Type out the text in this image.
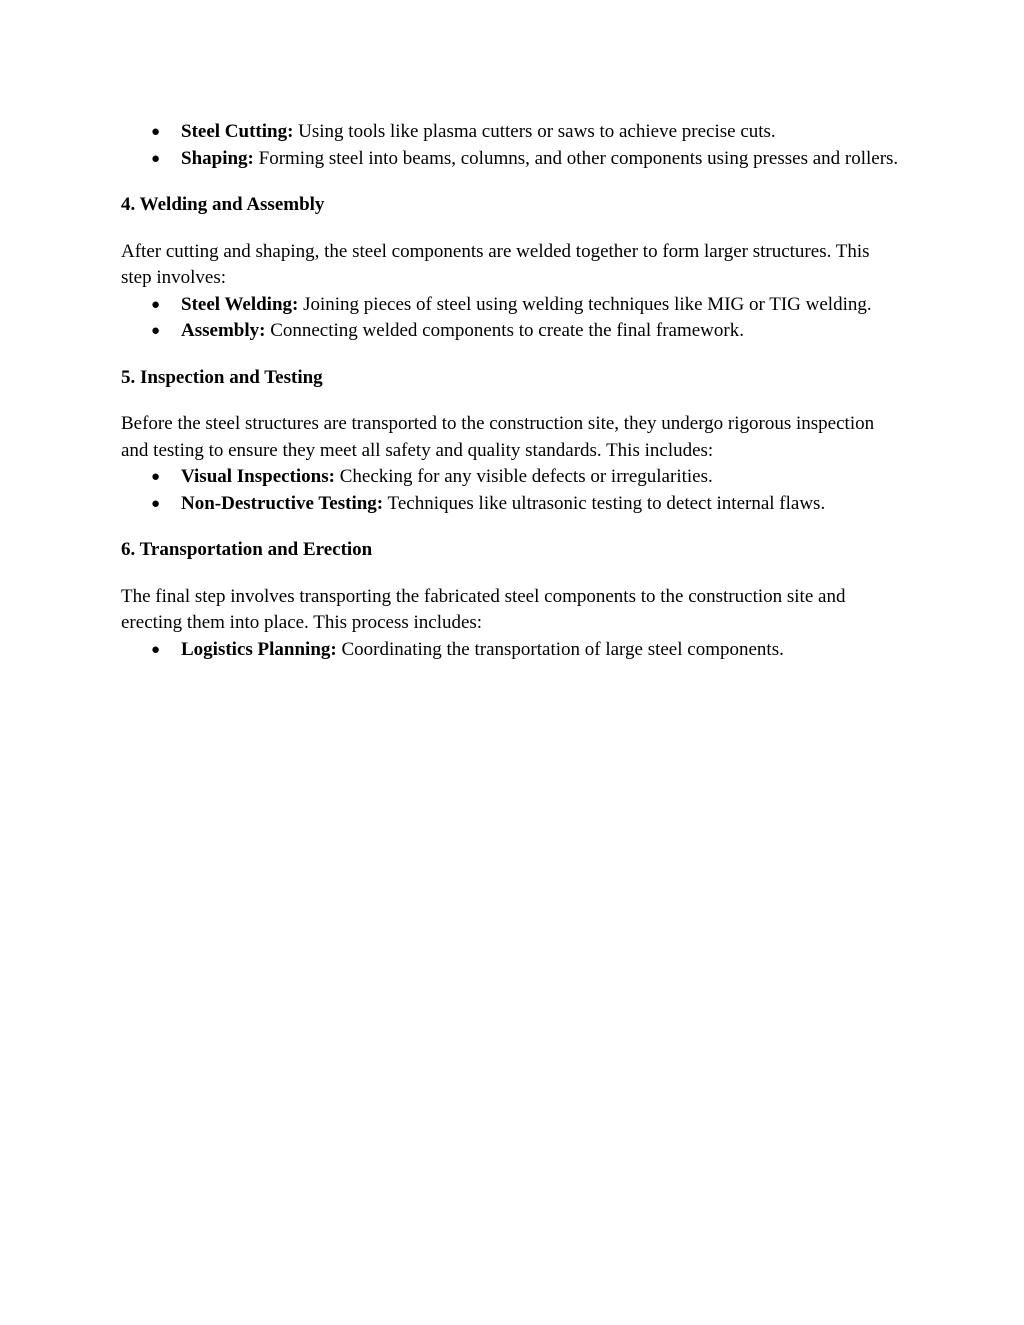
● Steel Cutting: Using tools like plasma cutters or saws to achieve precise cuts.
● Shaping: Forming steel into beams, columns, and other components using presses and rollers.
4. Welding and Assembly

After cutting and shaping, the steel components are welded together to form larger structures. This step involves:

● Steel Welding: Joining pieces of steel using welding techniques like MIG or TIG welding.
● Assembly: Connecting welded components to create the final framework.
5. Inspection and Testing

Before the steel structures are transported to the construction site, they undergo rigorous inspection and testing to ensure they meet all safety and quality standards. This includes:

● Visual Inspections: Checking for any visible defects or irregularities.
● Non-Destructive Testing: Techniques like ultrasonic testing to detect internal flaws.
6. Transportation and Erection

The final step involves transporting the fabricated steel components to the construction site and erecting them into place. This process includes:

● Logistics Planning: Coordinating the transportation of large steel components.
